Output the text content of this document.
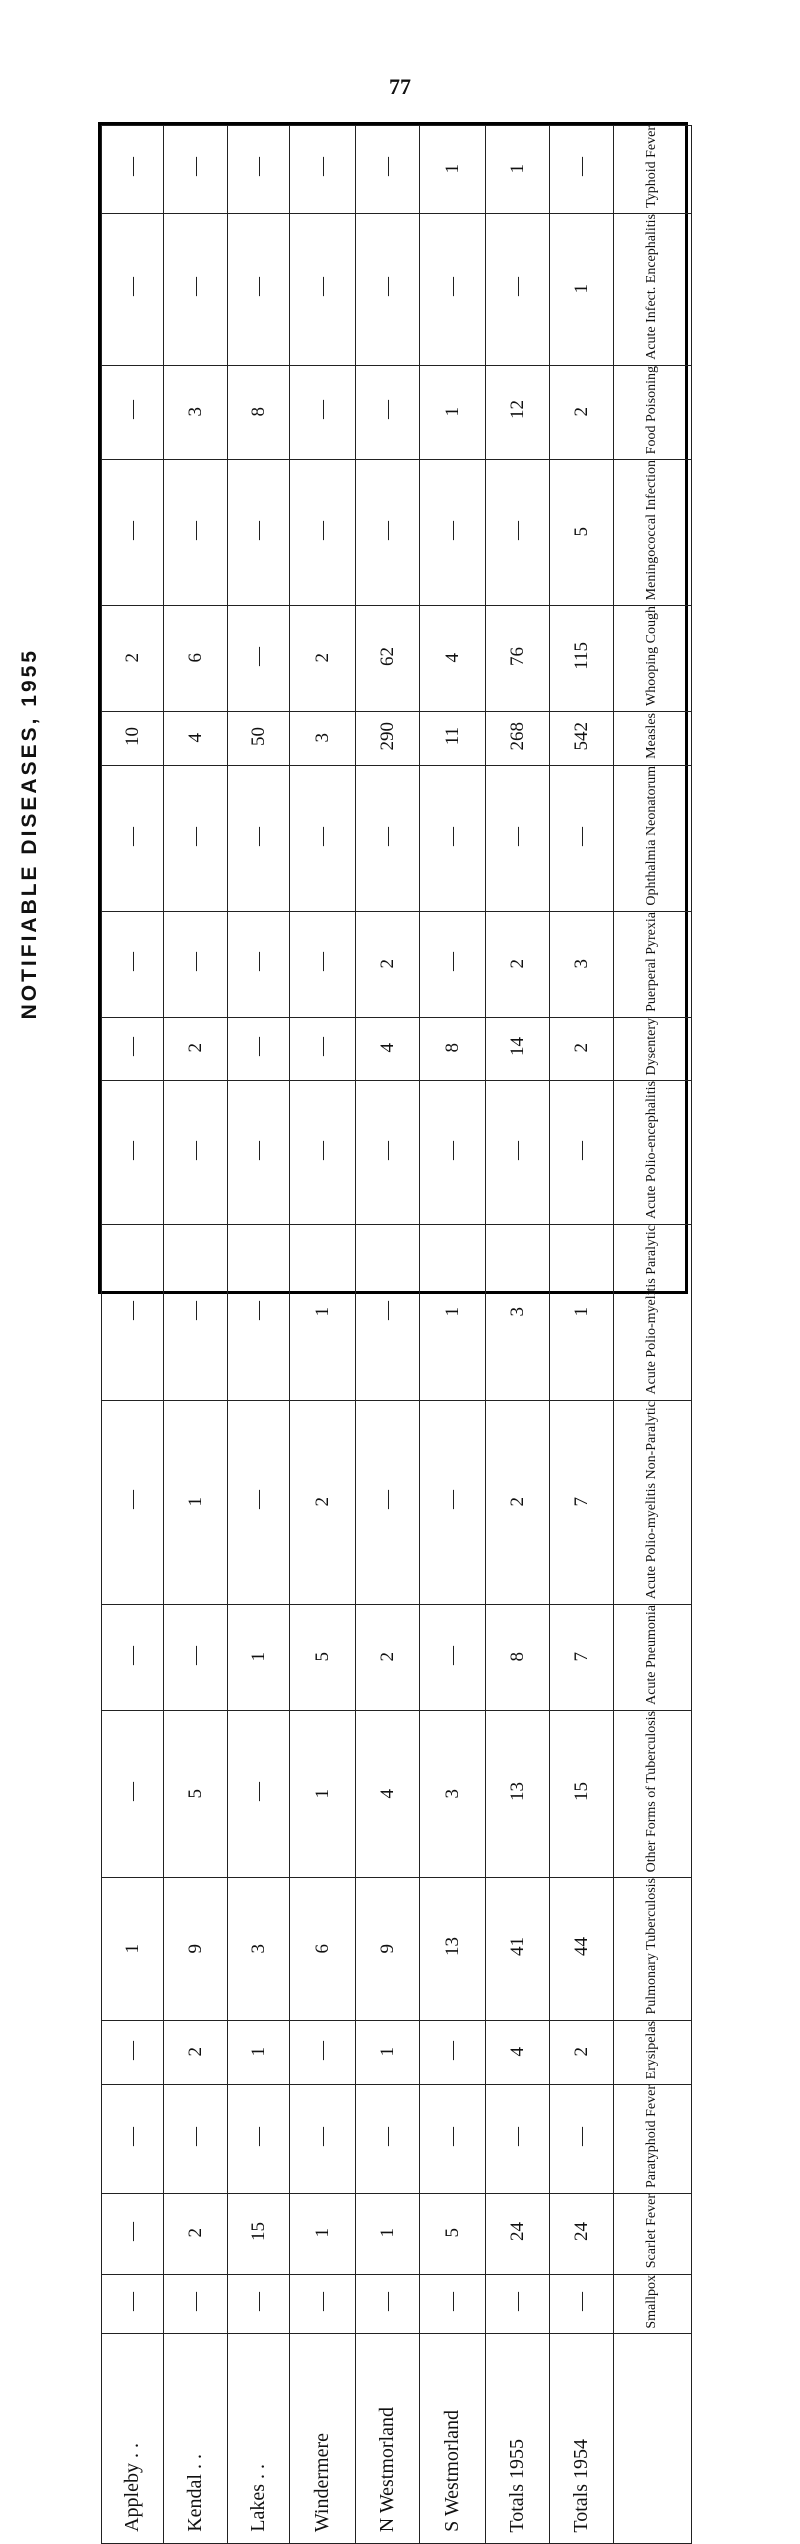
77
NOTIFIABLE DISEASES, 1955
—	—	—	—	—	1	1	—	Typhoid Fever
—	—	—	—	—	—	—	1	Acute Infect. Encephalitis
—	3	8	—	—	1	12	2	Food Poisoning
—	—	—	—	—	—	—	5	Meningococcal Infection
2	6	—	2	62	4	76	115	Whooping Cough
10	4	50	3	290	11	268	542	Measles
—	—	—	—	—	—	—	—	Ophthalmia Neonatorum
—	—	—	—	2	—	2	3	Puerperal Pyrexia
—	2	—	—	4	8	14	2	Dysentery
—	—	—	—	—	—	—	—	Acute Polio-encephalitis
—	—	—	1	—	1	3	1	Acute Polio-myelitis Paralytic
—	1	—	2	—	—	2	7	Acute Polio-myelitis Non-Paralytic
—	—	1	5	2	—	8	7	Acute Pneumonia
—	5	—	1	4	3	13	15	Other Forms of Tuberculosis
1	9	3	6	9	13	41	44	Pulmonary Tuberculosis
—	2	1	—	1	—	4	2	Erysipelas
—	—	—	—	—	—	—	—	Paratyphoid Fever
—	2	15	1	1	5	24	24	Scarlet Fever
—	—	—	—	—	—	—	—	Smallpox
Appleby . .	Kendal . .	Lakes . .	Windermere	N Westmorland	S Westmorland	Totals 1955	Totals 1954	
